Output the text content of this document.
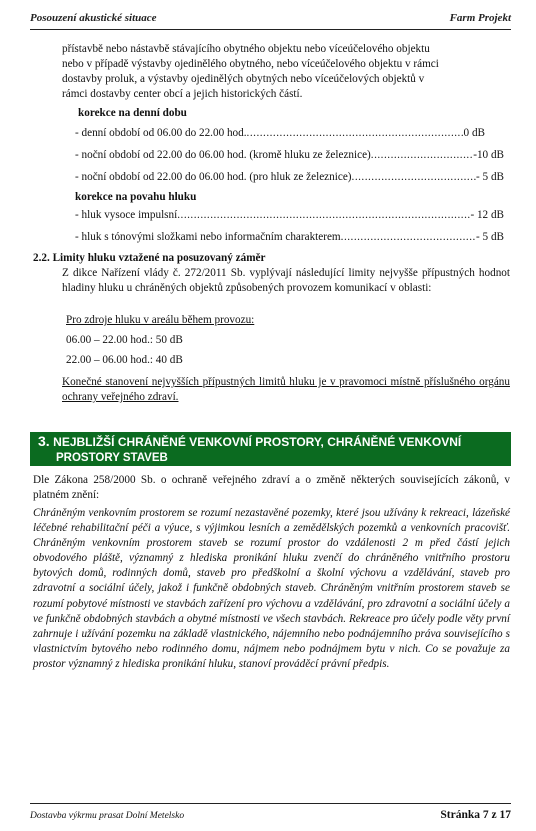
Posouzení akustické situace	Farm Projekt
přístavbě nebo nástavbě stávajícího obytného objektu nebo víceúčelového objektu
nebo v případě výstavby ojedinělého obytného, nebo víceúčelového objektu v rámci
dostavby proluk, a výstavby ojedinělých obytných nebo víceúčelových objektů v
rámci dostavby center obcí a jejich historických částí.
korekce na denní dobu
- denní období od 06.00 do 22.00 hod. .....	0 dB
- noční období od 22.00 do 06.00 hod. (kromě hluku ze železnice) .....	-10 dB
- noční období od 22.00 do 06.00 hod. (pro hluk ze železnice) .....	- 5 dB
korekce na povahu hluku
- hluk vysoce impulsní .....	- 12 dB
- hluk s tónovými složkami nebo informačním charakterem .....	- 5 dB
2.2. Limity hluku vztažené na posuzovaný záměr
Z dikce Nařízení vlády č. 272/2011 Sb. vyplývají následující limity nejvyšše přípustných hodnot hladiny hluku u chráněných objektů způsobených provozem komunikací v oblasti:
Pro zdroje hluku v areálu během provozu:
06.00 – 22.00 hod.: 50 dB
22.00 – 06.00 hod.: 40 dB
Konečné stanovení nejvyšších přípustných limitů hluku je v pravomoci místně příslušného orgánu ochrany veřejného zdraví.
3. NEJBLIŽŠÍ CHRÁNĚNÉ VENKOVNÍ PROSTORY, CHRÁNĚNÉ VENKOVNÍ
PROSTORY STAVEB
Dle Zákona 258/2000 Sb. o ochraně veřejného zdraví a o změně některých souvisejících zákonů, v platném znění:
Chráněným venkovním prostorem se rozumí nezastavěné pozemky, které jsou užívány k rekreaci, lázeňské léčebné rehabilitační péči a výuce, s výjimkou lesních a zemědělských pozemků a venkovních pracovišť. Chráněným venkovním prostorem staveb se rozumí prostor do vzdálenosti 2 m před částí jejich obvodového pláště, významný z hlediska pronikání hluku zvenčí do chráněného vnitřního prostoru bytových domů, rodinných domů, staveb pro předškolní a školní výchovu a vzdělávání, staveb pro zdravotní a sociální účely, jakož i funkčně obdobných staveb. Chráněným vnitřním prostorem staveb se rozumí pobytové místnosti ve stavbách zařízení pro výchovu a vzdělávání, pro zdravotní a sociální účely a ve funkčně obdobných stavbách a obytné místnosti ve všech stavbách. Rekreace pro účely podle věty první zahrnuje i užívání pozemku na základě vlastnického, nájemního nebo podnájemního práva souvisejícího s vlastnictvím bytového nebo rodinného domu, nájmem nebo podnájmem bytu v nich. Co se považuje za prostor významný z hlediska pronikání hluku, stanoví prováděcí právní předpis.
Dostavba výkrmu prasat Dolní Metelsko	Stránka 7 z 17
